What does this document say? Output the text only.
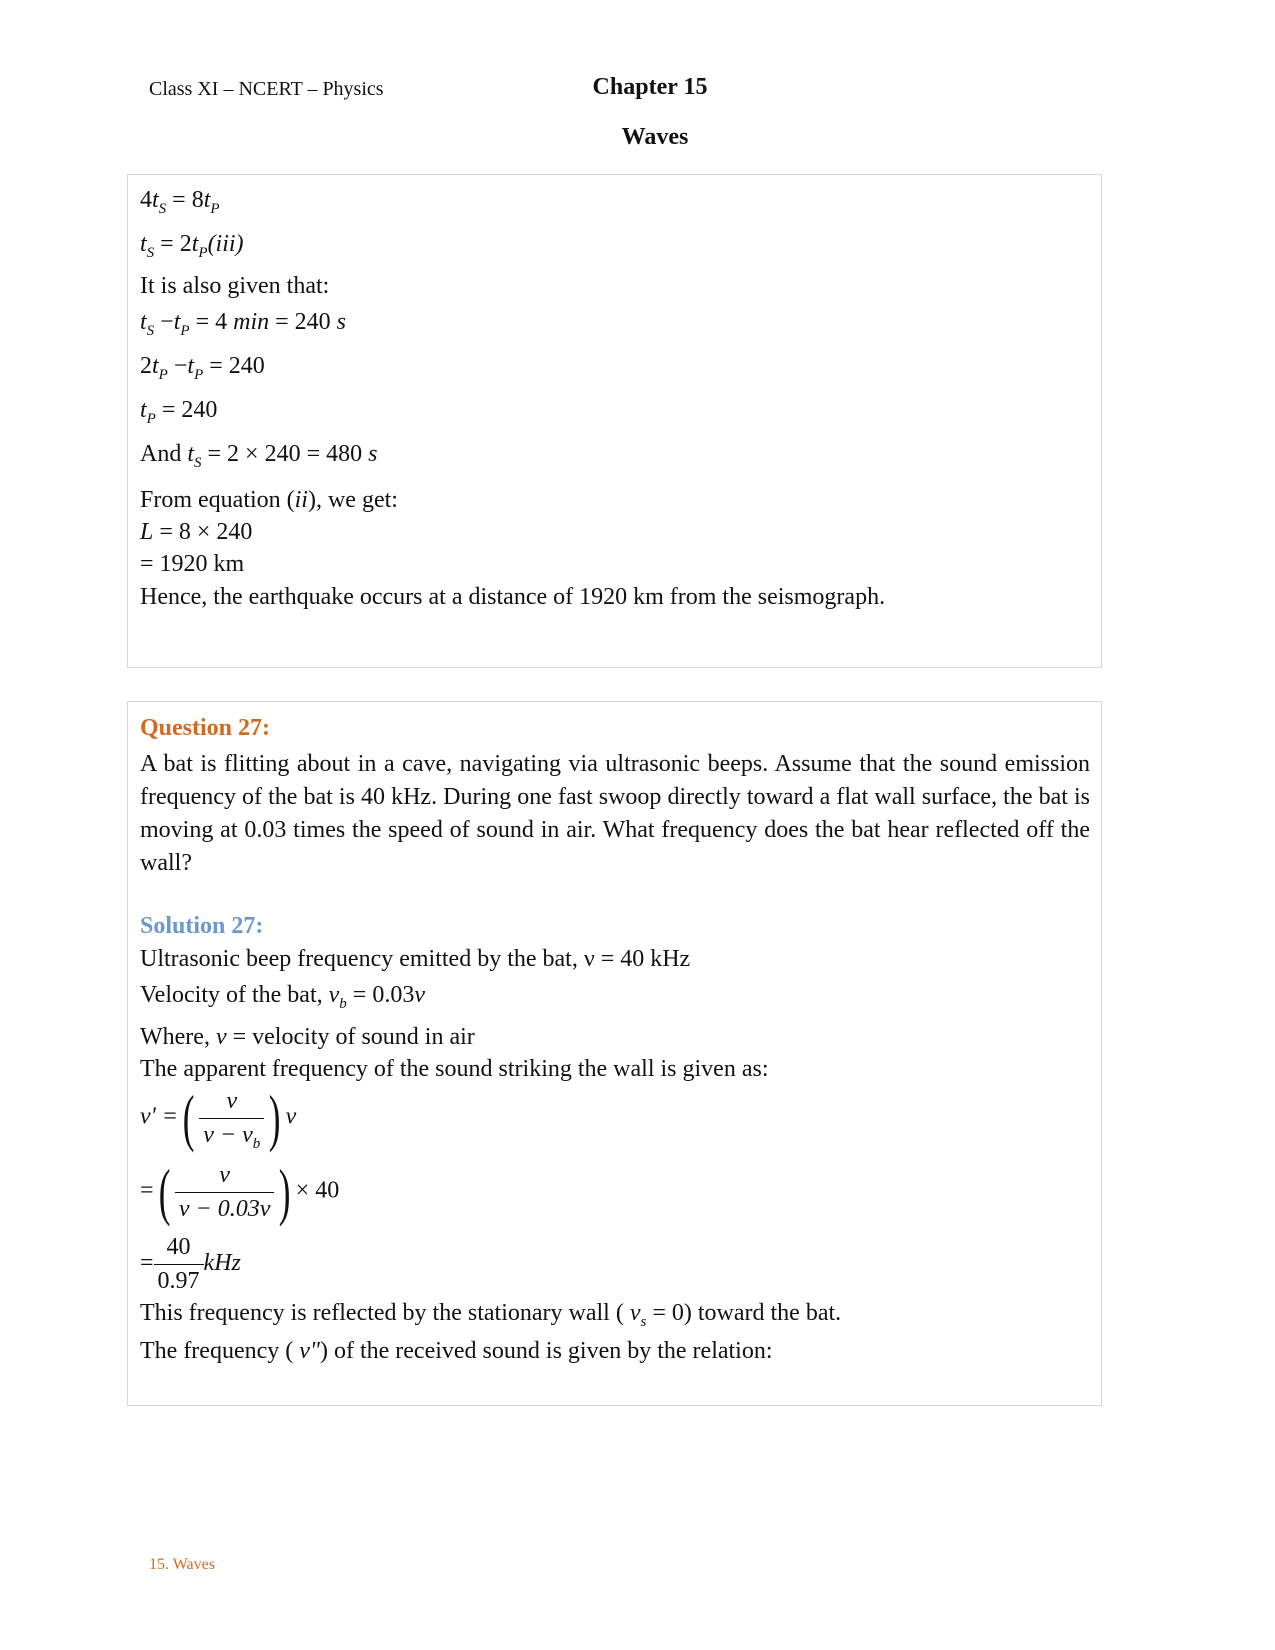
Class XI – NCERT – Physics	Chapter 15
Waves
$4t_S = 8t_P$
$t_S = 2t_P(iii)$
It is also given that:
$t_S -t_P = 4$ min = 240 s
$2t_P -t_P = 240$
$t_P = 240$
And $t_S = 2 \times 240 = 480$ s
From equation (ii), we get:
L = 8 × 240
= 1920 km
Hence, the earthquake occurs at a distance of 1920 km from the seismograph.
Question 27:
A bat is flitting about in a cave, navigating via ultrasonic beeps. Assume that the sound emission frequency of the bat is 40 kHz. During one fast swoop directly toward a flat wall surface, the bat is moving at 0.03 times the speed of sound in air. What frequency does the bat hear reflected off the wall?
Solution 27:
Ultrasonic beep frequency emitted by the bat, ν = 40 kHz
Velocity of the bat, $v_b = 0.03v$
Where, v = velocity of sound in air
The apparent frequency of the sound striking the wall is given as:
ν' =( $\frac{v}{v - v_b}$ ) ν
=( $\frac{v}{v - 0.03v}$ ) × 40
= $\frac{40}{0.97}$ kHz
This frequency is reflected by the stationary wall ( $v_s = 0$) toward the bat.
The frequency ( ν") of the received sound is given by the relation:
15. Waves
